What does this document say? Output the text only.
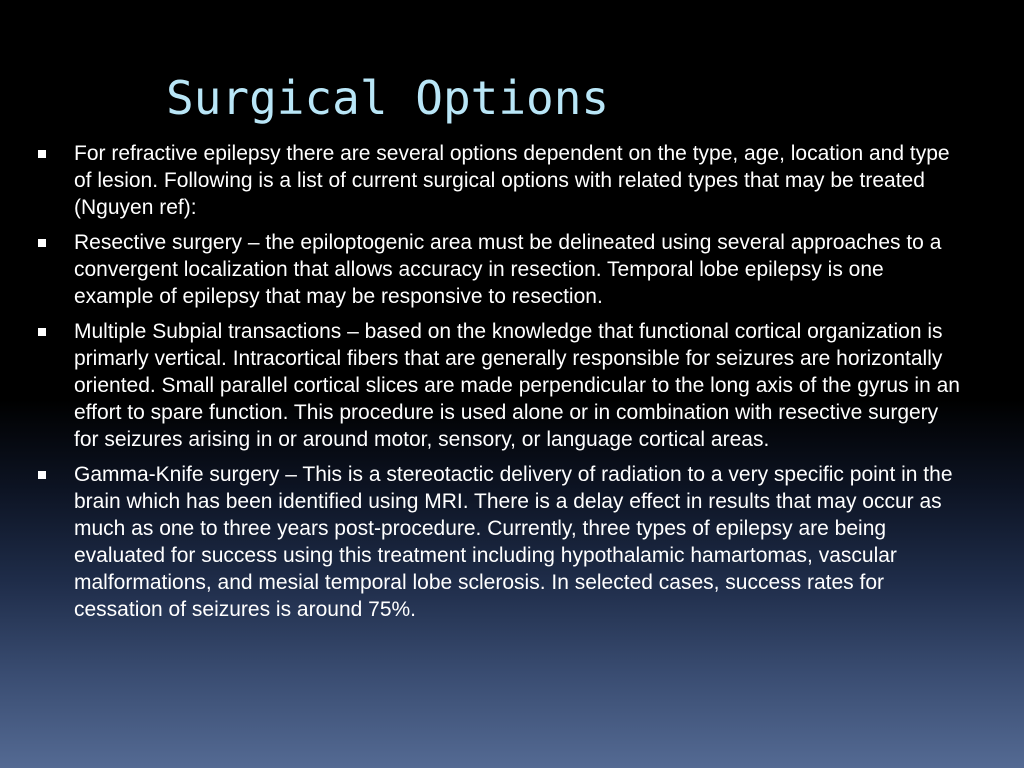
Surgical Options
For refractive epilepsy there are several options dependent on the type, age, location and type of lesion. Following is a list of current surgical options with related types that may be treated (Nguyen ref):
Resective surgery – the epiloptogenic area must be delineated using several approaches to a convergent localization that allows accuracy in resection. Temporal lobe epilepsy is one example of epilepsy that may be responsive to resection.
Multiple Subpial transactions – based on the knowledge that functional cortical organization is primarly vertical. Intracortical fibers that are generally responsible for seizures are horizontally oriented. Small parallel cortical slices are made perpendicular to the long axis of the gyrus in an effort to spare function. This procedure is used alone or in combination with resective surgery for seizures arising in or around motor, sensory, or language cortical areas.
Gamma-Knife surgery – This is a stereotactic delivery of radiation to a very specific point in the brain which has been identified using MRI. There is a delay effect in results that may occur as much as one to three years post-procedure. Currently, three types of epilepsy are being evaluated for success using this treatment including hypothalamic hamartomas, vascular malformations, and mesial temporal lobe sclerosis. In selected cases, success rates for cessation of seizures is around 75%.
